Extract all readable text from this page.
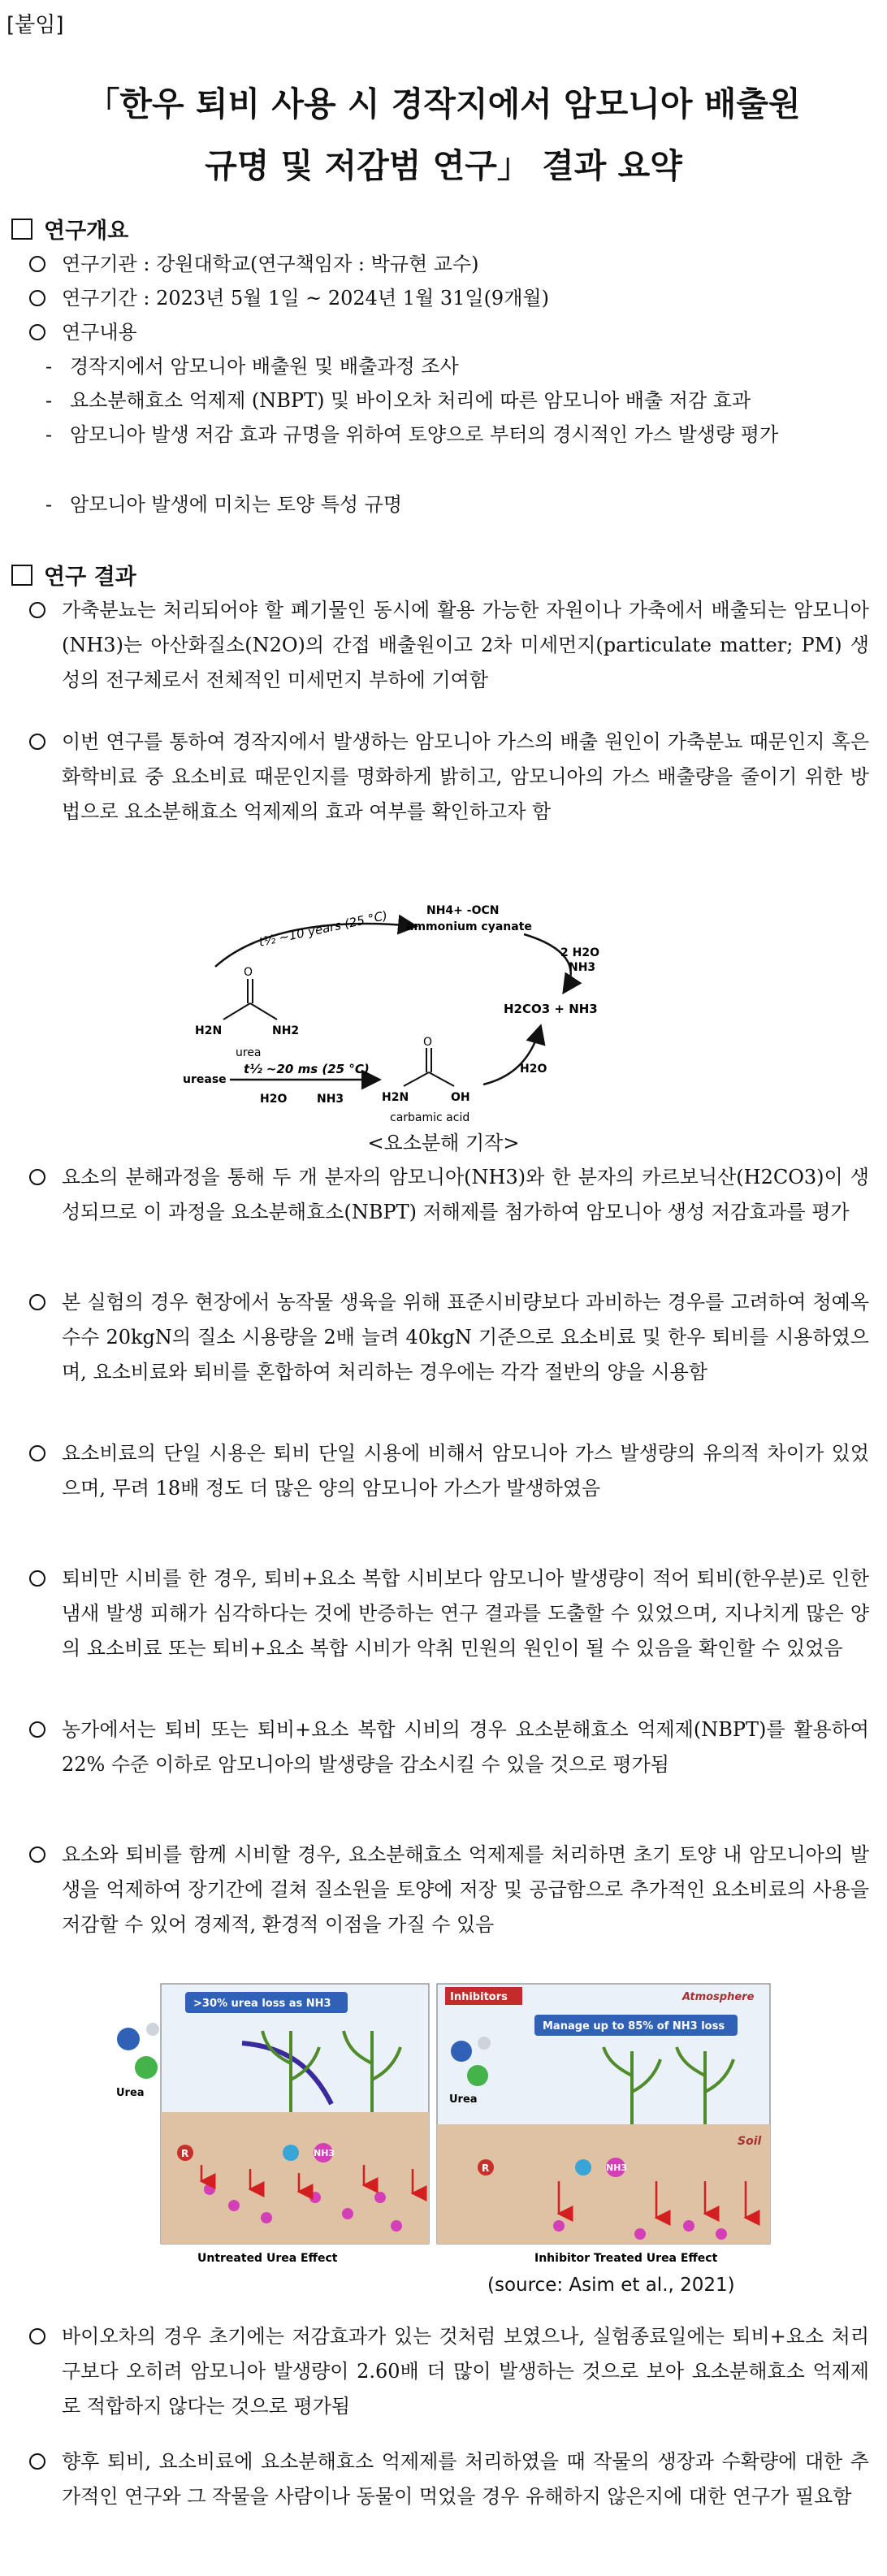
[붙임]
「한우 퇴비 사용 시 경작지에서 암모니아 배출원
규명 및 저감범 연구」 결과 요약
연구개요
연구기관 : 강원대학교(연구책임자 : 박규현 교수)
연구기간 : 2023년 5월 1일 ~ 2024년 1월 31일(9개월)
연구내용
- 경작지에서 암모니아 배출원 및 배출과정 조사
- 요소분해효소 억제제 (NBPT) 및 바이오차 처리에 따른 암모니아 배출 저감 효과
- 암모니아 발생 저감 효과 규명을 위하여 토양으로 부터의 경시적인 가스 발생량 평가
- 암모니아 발생에 미치는 토양 특성 규명
연구 결과
가축분뇨는 처리되어야 할 폐기물인 동시에 활용 가능한 자원이나 가축에서 배출되는 암모니아(NH3)는 아산화질소(N2O)의 간접 배출원이고 2차 미세먼지(particulate matter; PM) 생성의 전구체로서 전체적인 미세먼지 부하에 기여함
이번 연구를 통하여 경작지에서 발생하는 암모니아 가스의 배출 원인이 가축분뇨 때문인지 혹은 화학비료 중 요소비료 때문인지를 명화하게 밝히고, 암모니아의 가스 배출량을 줄이기 위한 방법으로 요소분해효소 억제제의 효과 여부를 확인하고자 함
t½ ~10 years (25 °C)	NH4+ -OCN
ammonium cyanate
2 H2O
NH3
H2CO3 + NH3
O
H2N	NH2
urea
urease
t½ ~20 ms (25 °C)
H2O	NH3
O
H2N	OH
carbamic acid
H2O
<요소분해 기작>
요소의 분해과정을 통해 두 개 분자의 암모니아(NH3)와 한 분자의 카르보닉산(H2CO3)이 생성되므로 이 과정을 요소분해효소(NBPT) 저해제를 첨가하여 암모니아 생성 저감효과를 평가
본 실험의 경우 현장에서 농작물 생육을 위해 표준시비량보다 과비하는 경우를 고려하여 청예옥수수 20kgN의 질소 시용량을 2배 늘려 40kgN 기준으로 요소비료 및 한우 퇴비를 시용하였으며, 요소비료와 퇴비를 혼합하여 처리하는 경우에는 각각 절반의 양을 시용함
요소비료의 단일 시용은 퇴비 단일 시용에 비해서 암모니아 가스 발생량의 유의적 차이가 있었으며, 무려 18배 정도 더 많은 양의 암모니아 가스가 발생하였음
퇴비만 시비를 한 경우, 퇴비+요소 복합 시비보다 암모니아 발생량이 적어 퇴비(한우분)로 인한 냄새 발생 피해가 심각하다는 것에 반증하는 연구 결과를 도출할 수 있었으며, 지나치게 많은 양의 요소비료 또는 퇴비+요소 복합 시비가 악취 민원의 원인이 될 수 있음을 확인할 수 있었음
농가에서는 퇴비 또는 퇴비+요소 복합 시비의 경우 요소분해효소 억제제(NBPT)를 활용하여 22% 수준 이하로 암모니아의 발생량을 감소시킬 수 있을 것으로 평가됨
요소와 퇴비를 함께 시비할 경우, 요소분해효소 억제제를 처리하면 초기 토양 내 암모니아의 발생을 억제하여 장기간에 걸쳐 질소원을 토양에 저장 및 공급함으로 추가적인 요소비료의 사용을 저감할 수 있어 경제적, 환경적 이점을 가질 수 있음
>30% urea loss as NH3
Urea
R	NH3
Untreated Urea Effect
Inhibitors	Atmosphere
Manage up to 85% of NH3 loss
Urea
Soil
R	NH3
Inhibitor Treated Urea Effect
(source: Asim et al., 2021)
바이오차의 경우 초기에는 저감효과가 있는 것처럼 보였으나, 실험종료일에는 퇴비+요소 처리구보다 오히려 암모니아 발생량이 2.60배 더 많이 발생하는 것으로 보아 요소분해효소 억제제로 적합하지 않다는 것으로 평가됨
향후 퇴비, 요소비료에 요소분해효소 억제제를 처리하였을 때 작물의 생장과 수확량에 대한 추가적인 연구와 그 작물을 사람이나 동물이 먹었을 경우 유해하지 않은지에 대한 연구가 필요함
